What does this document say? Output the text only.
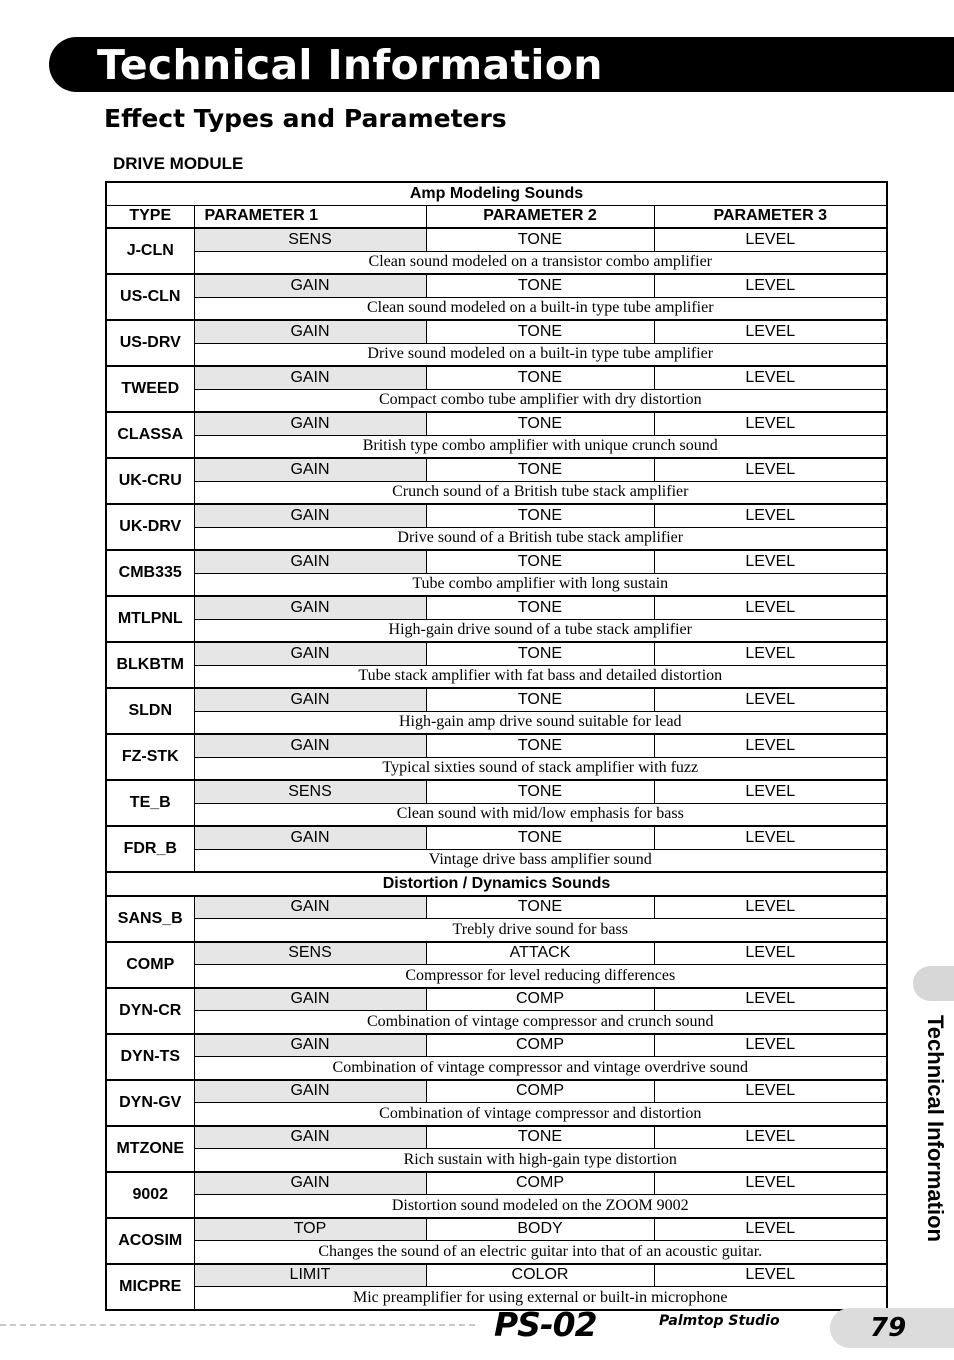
Technical Information
Effect Types and Parameters
DRIVE MODULE
Amp Modeling Sounds			
TYPE	PARAMETER 1	PARAMETER 2	PARAMETER 3
J-CLN	SENS	TONE	LEVEL
	Clean sound modeled on a transistor combo amplifier		
US-CLN	GAIN	TONE	LEVEL
	Clean sound modeled on a built-in type tube amplifier		
US-DRV	GAIN	TONE	LEVEL
	Drive sound modeled on a built-in type tube amplifier		
TWEED	GAIN	TONE	LEVEL
	Compact combo tube amplifier with dry distortion		
CLASSA	GAIN	TONE	LEVEL
	British type combo amplifier with unique crunch sound		
UK-CRU	GAIN	TONE	LEVEL
	Crunch sound of a British tube stack amplifier		
UK-DRV	GAIN	TONE	LEVEL
	Drive sound of a British tube stack amplifier		
CMB335	GAIN	TONE	LEVEL
	Tube combo amplifier with long sustain		
MTLPNL	GAIN	TONE	LEVEL
	High-gain drive sound of a tube stack amplifier		
BLKBTM	GAIN	TONE	LEVEL
	Tube stack amplifier with fat bass and detailed distortion		
SLDN	GAIN	TONE	LEVEL
	High-gain amp drive sound suitable for lead		
FZ-STK	GAIN	TONE	LEVEL
	Typical sixties sound of stack amplifier with fuzz		
TE_B	SENS	TONE	LEVEL
	Clean sound with mid/low emphasis for bass		
FDR_B	GAIN	TONE	LEVEL
	Vintage drive bass amplifier sound		
Distortion / Dynamics Sounds			
SANS_B	GAIN	TONE	LEVEL
	Trebly drive sound for bass		
COMP	SENS	ATTACK	LEVEL
	Compressor for level reducing differences		
DYN-CR	GAIN	COMP	LEVEL
	Combination of vintage compressor and crunch sound		
DYN-TS	GAIN	COMP	LEVEL
	Combination of vintage compressor and vintage overdrive sound		
DYN-GV	GAIN	COMP	LEVEL
	Combination of vintage compressor and distortion		
MTZONE	GAIN	TONE	LEVEL
	Rich sustain with high-gain type distortion		
9002	GAIN	COMP	LEVEL
	Distortion sound modeled on the ZOOM 9002		
ACOSIM	TOP	BODY	LEVEL
	Changes the sound of an electric guitar into that of an acoustic guitar.		
MICPRE	LIMIT	COLOR	LEVEL
	Mic preamplifier for using external or built-in microphone		
Technical Information
PS-02	Palmtop Studio	79
